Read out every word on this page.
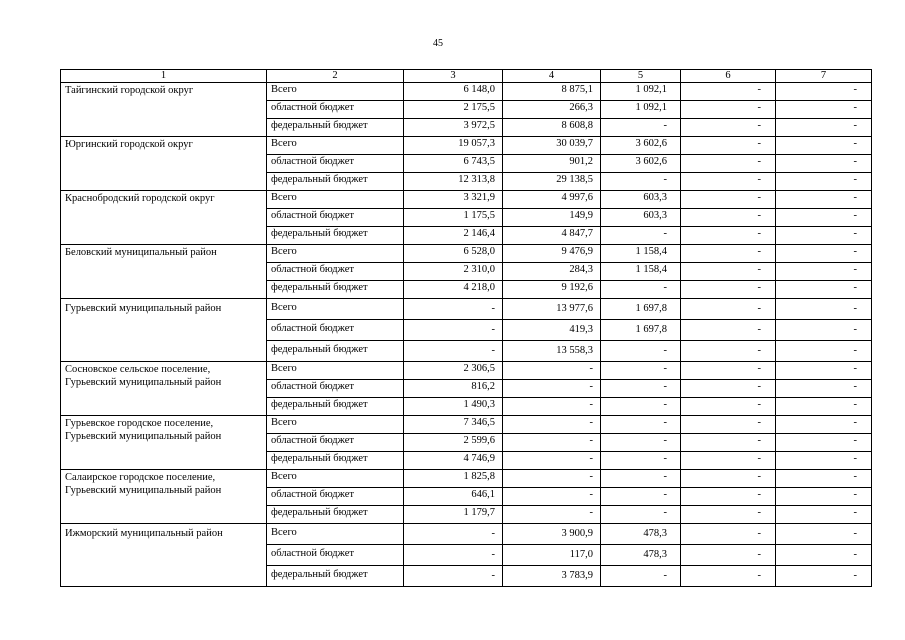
45
1	2	3	4	5	6	7
Тайгинский городской округ	Всего	6 148,0	8 875,1	1 092,1	-	-
	областной бюджет	2 175,5	266,3	1 092,1	-	-
	федеральный бюджет	3 972,5	8 608,8	-	-	-
Юргинский городской округ	Всего	19 057,3	30 039,7	3 602,6	-	-
	областной бюджет	6 743,5	901,2	3 602,6	-	-
	федеральный бюджет	12 313,8	29 138,5	-	-	-
Краснобродский городской округ	Всего	3 321,9	4 997,6	603,3	-	-
	областной бюджет	1 175,5	149,9	603,3	-	-
	федеральный бюджет	2 146,4	4 847,7	-	-	-
Беловский муниципальный район	Всего	6 528,0	9 476,9	1 158,4	-	-
	областной бюджет	2 310,0	284,3	1 158,4	-	-
	федеральный бюджет	4 218,0	9 192,6	-	-	-
Гурьевский муниципальный район	Всего	-	13 977,6	1 697,8	-	-
	областной бюджет	-	419,3	1 697,8	-	-
	федеральный бюджет	-	13 558,3	-	-	-
Сосновское сельское поселение, Гурьевский муниципальный район	Всего	2 306,5	-	-	-	-
	областной бюджет	816,2	-	-	-	-
	федеральный бюджет	1 490,3	-	-	-	-
Гурьевское городское поселение, Гурьевский муниципальный район	Всего	7 346,5	-	-	-	-
	областной бюджет	2 599,6	-	-	-	-
	федеральный бюджет	4 746,9	-	-	-	-
Салаирское городское поселение, Гурьевский муниципальный район	Всего	1 825,8	-	-	-	-
	областной бюджет	646,1	-	-	-	-
	федеральный бюджет	1 179,7	-	-	-	-
Ижморский муниципальный район	Всего	-	3 900,9	478,3	-	-
	областной бюджет	-	117,0	478,3	-	-
	федеральный бюджет	-	3 783,9	-	-	-
